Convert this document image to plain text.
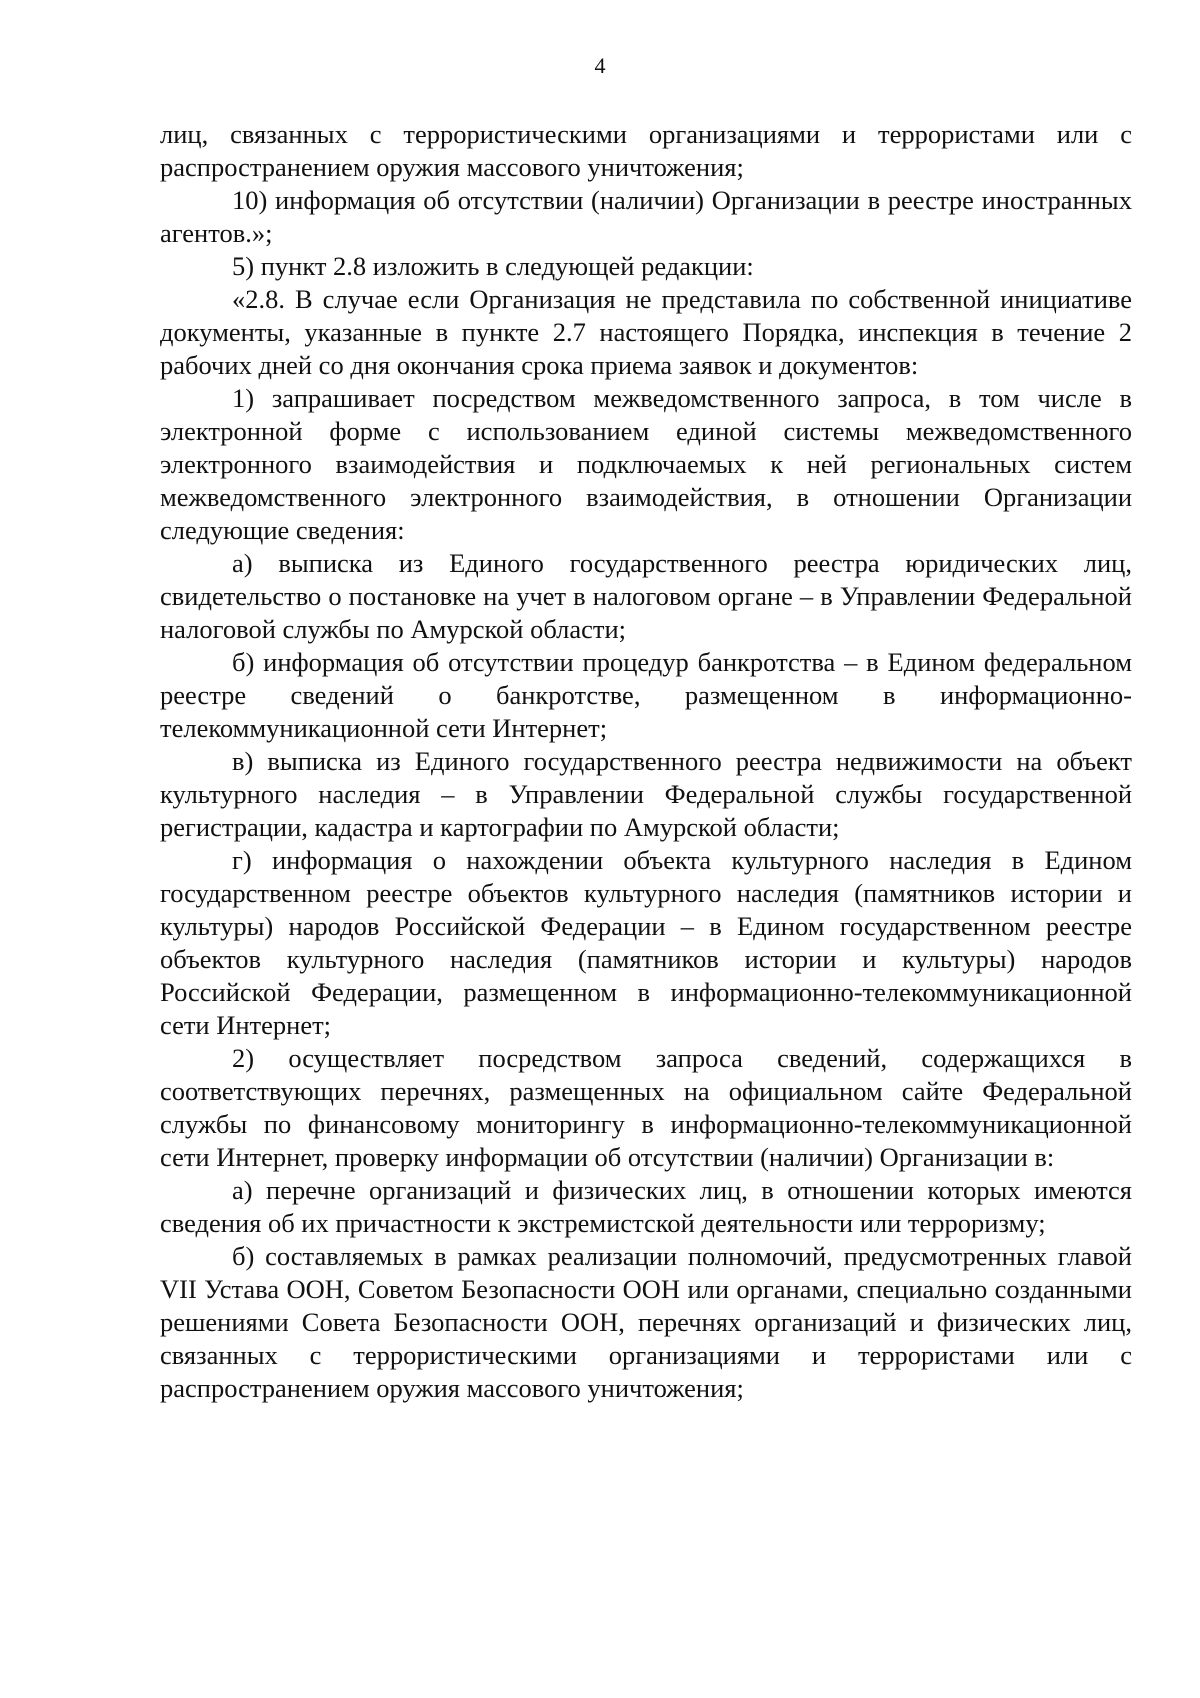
4

лиц, связанных с террористическими организациями и террористами или с распространением оружия массового уничтожения;

10) информация об отсутствии (наличии) Организации в реестре иностранных агентов.»;

5) пункт 2.8 изложить в следующей редакции:

«2.8. В случае если Организация не представила по собственной инициативе документы, указанные в пункте 2.7 настоящего Порядка, инспекция в течение 2 рабочих дней со дня окончания срока приема заявок и документов:

1) запрашивает посредством межведомственного запроса, в том числе в электронной форме с использованием единой системы межведомственного электронного взаимодействия и подключаемых к ней региональных систем межведомственного электронного взаимодействия, в отношении Организации следующие сведения:

а) выписка из Единого государственного реестра юридических лиц, свидетельство о постановке на учет в налоговом органе – в Управлении Федеральной налоговой службы по Амурской области;

б) информация об отсутствии процедур банкротства – в Едином федеральном реестре сведений о банкротстве, размещенном в информационно-телекоммуникационной сети Интернет;

в) выписка из Единого государственного реестра недвижимости на объект культурного наследия – в Управлении Федеральной службы государственной регистрации, кадастра и картографии по Амурской области;

г) информация о нахождении объекта культурного наследия в Едином государственном реестре объектов культурного наследия (памятников истории и культуры) народов Российской Федерации – в Едином государственном реестре объектов культурного наследия (памятников истории и культуры) народов Российской Федерации, размещенном в информационно-телекоммуникационной сети Интернет;

2) осуществляет посредством запроса сведений, содержащихся в соответствующих перечнях, размещенных на официальном сайте Федеральной службы по финансовому мониторингу в информационно-телекоммуникационной сети Интернет, проверку информации об отсутствии (наличии) Организации в:

а) перечне организаций и физических лиц, в отношении которых имеются сведения об их причастности к экстремистской деятельности или терроризму;

б) составляемых в рамках реализации полномочий, предусмотренных главой VII Устава ООН, Советом Безопасности ООН или органами, специально созданными решениями Совета Безопасности ООН, перечнях организаций и физических лиц, связанных с террористическими организациями и террористами или с распространением оружия массового уничтожения;
